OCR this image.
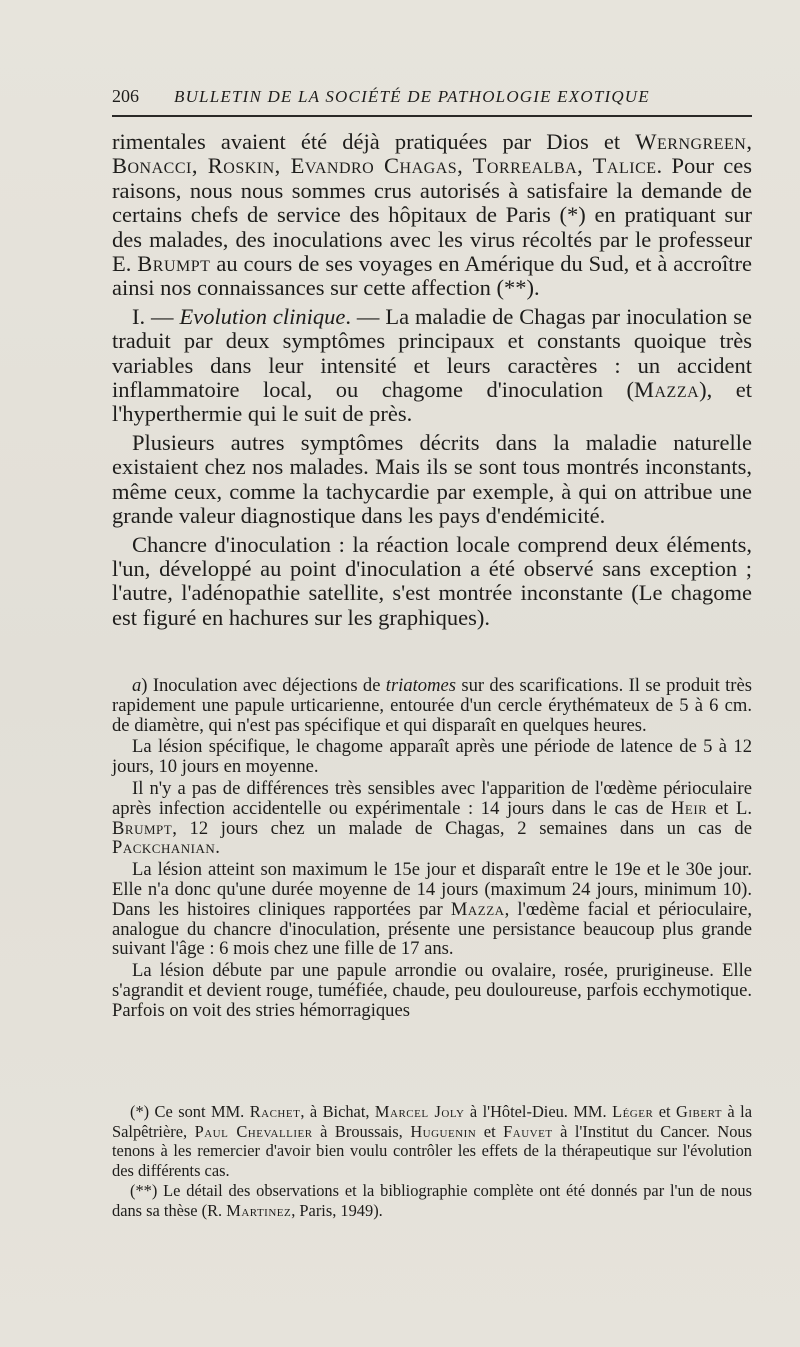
206	BULLETIN DE LA SOCIÉTÉ DE PATHOLOGIE EXOTIQUE

rimentales avaient été déjà pratiquées par Dios et Werngreen, Bonacci, Roskin, Evandro Chagas, Torrealba, Talice. Pour ces raisons, nous nous sommes crus autorisés à satisfaire la demande de certains chefs de service des hôpitaux de Paris (*) en pratiquant sur des malades, des inoculations avec les virus récoltés par le professeur E. Brumpt au cours de ses voyages en Amérique du Sud, et à accroître ainsi nos connaissances sur cette affection (**).

I. — Evolution clinique. — La maladie de Chagas par inoculation se traduit par deux symptômes principaux et constants quoique très variables dans leur intensité et leurs caractères : un accident inflammatoire local, ou chagome d'inoculation (Mazza), et l'hyperthermie qui le suit de près.

Plusieurs autres symptômes décrits dans la maladie naturelle existaient chez nos malades. Mais ils se sont tous montrés inconstants, même ceux, comme la tachycardie par exemple, à qui on attribue une grande valeur diagnostique dans les pays d'endémicité.

Chancre d'inoculation : la réaction locale comprend deux éléments, l'un, développé au point d'inoculation a été observé sans exception ; l'autre, l'adénopathie satellite, s'est montrée inconstante (Le chagome est figuré en hachures sur les graphiques).

a) Inoculation avec déjections de triatomes sur des scarifications. Il se produit très rapidement une papule urticarienne, entourée d'un cercle érythémateux de 5 à 6 cm. de diamètre, qui n'est pas spécifique et qui disparaît en quelques heures.

La lésion spécifique, le chagome apparaît après une période de latence de 5 à 12 jours, 10 jours en moyenne.

Il n'y a pas de différences très sensibles avec l'apparition de l'œdème périoculaire après infection accidentelle ou expérimentale : 14 jours dans le cas de Heir et L. Brumpt, 12 jours chez un malade de Chagas, 2 semaines dans un cas de Packchanian.

La lésion atteint son maximum le 15e jour et disparaît entre le 19e et le 30e jour. Elle n'a donc qu'une durée moyenne de 14 jours (maximum 24 jours, minimum 10). Dans les histoires cliniques rapportées par Mazza, l'œdème facial et périoculaire, analogue du chancre d'inoculation, présente une persistance beaucoup plus grande suivant l'âge : 6 mois chez une fille de 17 ans.

La lésion débute par une papule arrondie ou ovalaire, rosée, prurigineuse. Elle s'agrandit et devient rouge, tuméfiée, chaude, peu douloureuse, parfois ecchymotique. Parfois on voit des stries hémorragiques

(*) Ce sont MM. Rachet, à Bichat, Marcel Joly à l'Hôtel-Dieu. MM. Léger et Gibert à la Salpêtrière, Paul Chevallier à Broussais, Huguenin et Fauvet à l'Institut du Cancer. Nous tenons à les remercier d'avoir bien voulu contrôler les effets de la thérapeutique sur l'évolution des différents cas.

(**) Le détail des observations et la bibliographie complète ont été donnés par l'un de nous dans sa thèse (R. Martinez, Paris, 1949).
